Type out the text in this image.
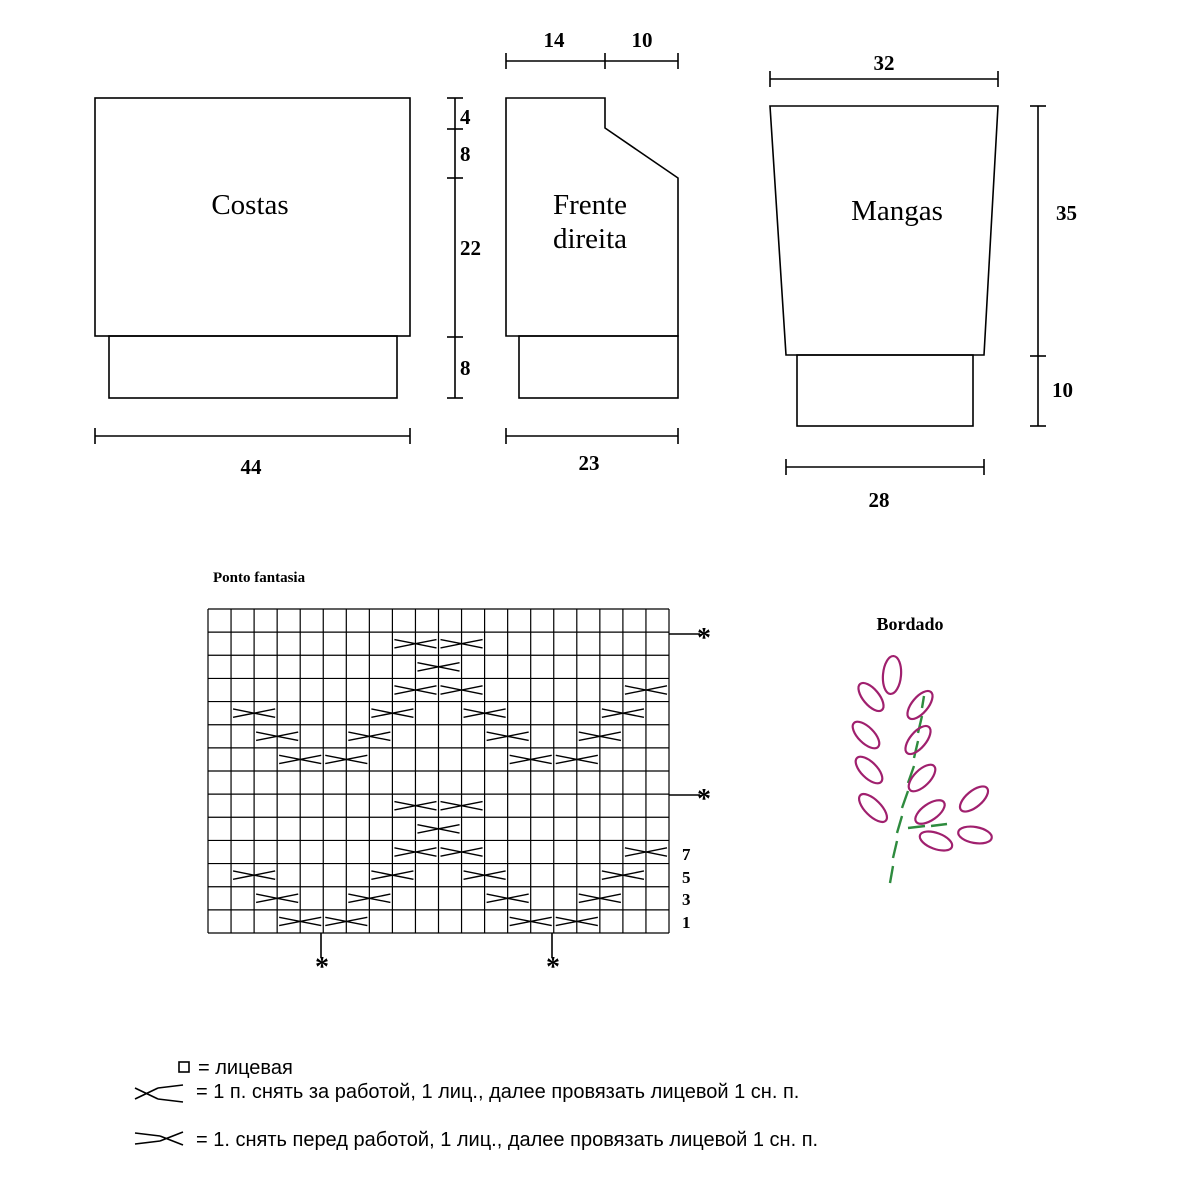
Costas
44
4
8
22
8
Frente
direita
14	10
23
Mangas
32
28
35
10
Ponto fantasia
*
*
*	*
7
5
3
1
Bordado
= лицевая
= 1 п. снять за работой, 1 лиц., далее провязать лицевой 1 сн. п.
= 1. снять перед работой, 1 лиц., далее провязать лицевой 1 сн. п.
